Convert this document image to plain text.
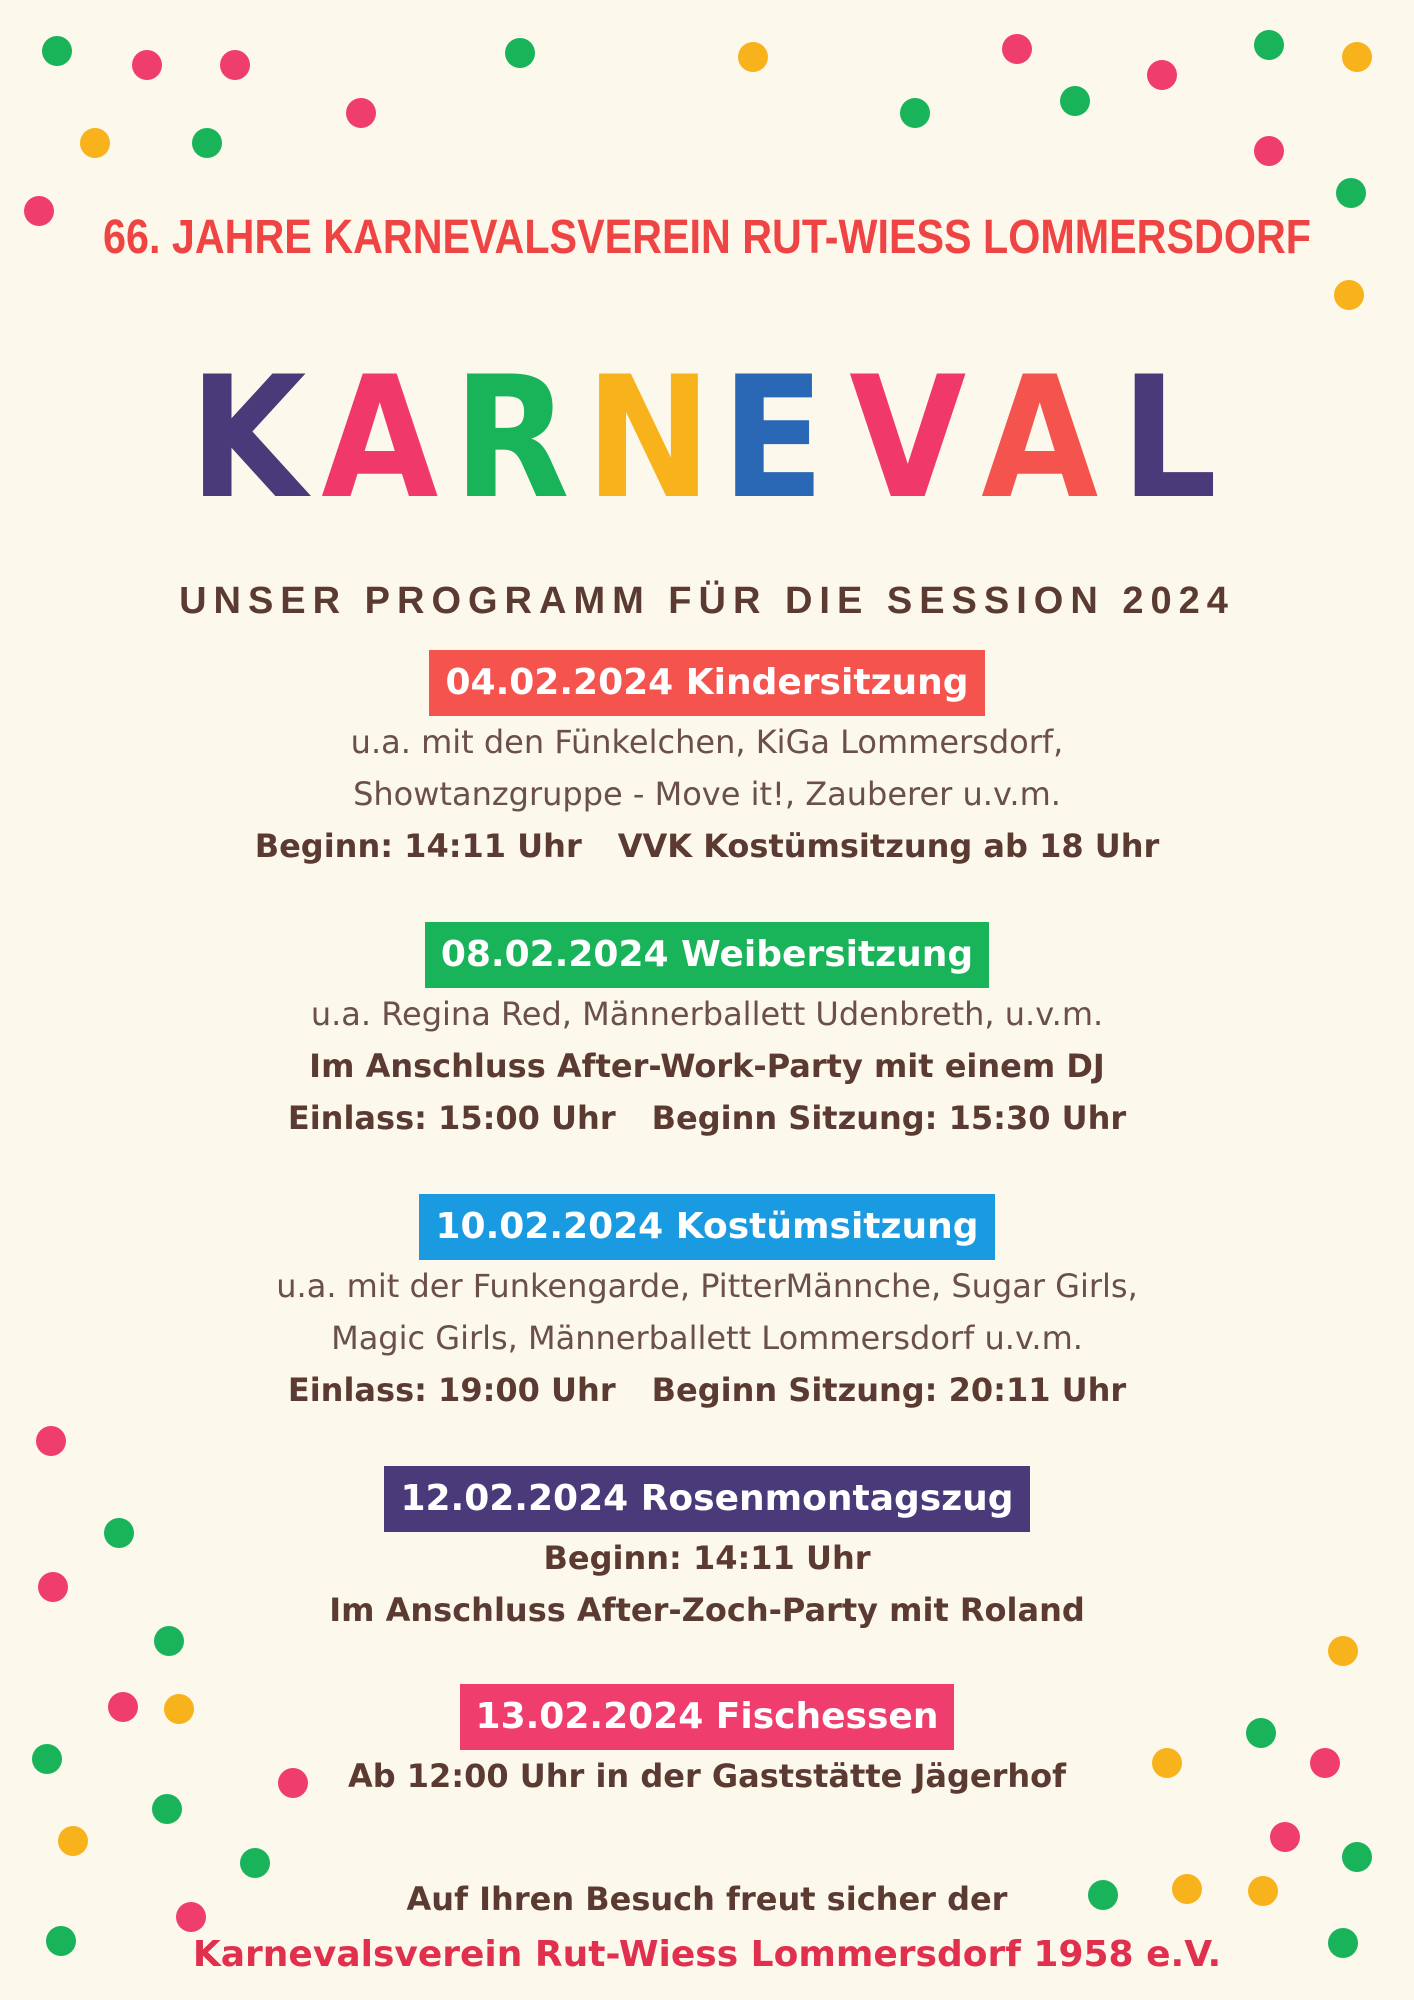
66. JAHRE KARNEVALSVEREIN RUT-WIESS LOMMERSDORF
K A R N E V A L
UNSER PROGRAMM FÜR DIE SESSION 2024
04.02.2024 Kindersitzung
u.a. mit den Fünkelchen, KiGa Lommersdorf,
Showtanzgruppe - Move it!, Zauberer u.v.m.
Beginn: 14:11 Uhr VVK Kostümsitzung ab 18 Uhr
08.02.2024 Weibersitzung
u.a. Regina Red, Männerballett Udenbreth, u.v.m.
Im Anschluss After-Work-Party mit einem DJ
Einlass: 15:00 Uhr Beginn Sitzung: 15:30 Uhr
10.02.2024 Kostümsitzung
u.a. mit der Funkengarde, PitterMännche, Sugar Girls,
Magic Girls, Männerballett Lommersdorf u.v.m.
Einlass: 19:00 Uhr Beginn Sitzung: 20:11 Uhr
12.02.2024 Rosenmontagszug
Beginn: 14:11 Uhr
Im Anschluss After-Zoch-Party mit Roland
13.02.2024 Fischessen
Ab 12:00 Uhr in der Gaststätte Jägerhof
Auf Ihren Besuch freut sicher der
Karnevalsverein Rut-Wiess Lommersdorf 1958 e.V.
